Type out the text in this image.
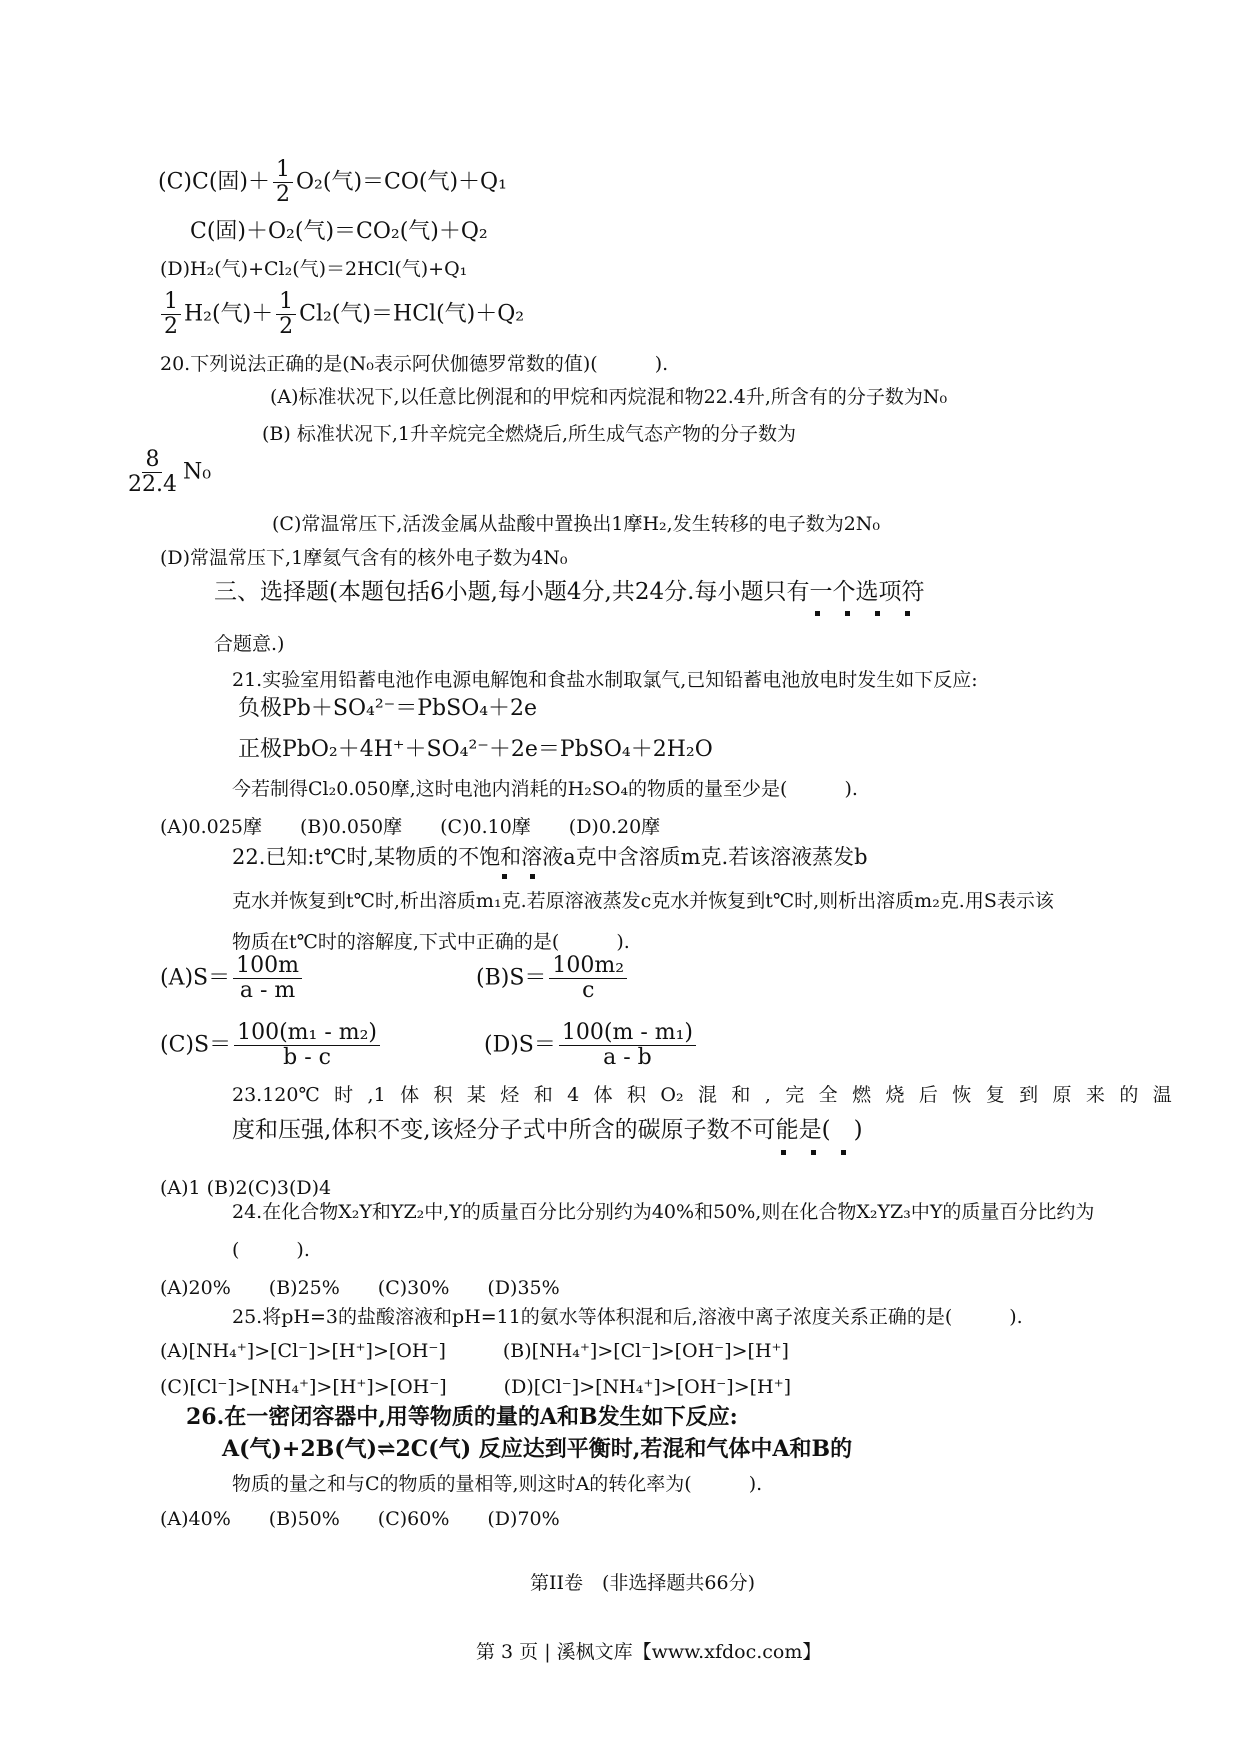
(C)C(固)＋ $\frac{1}{2} O_2$(气)＝CO(气)＋Q₁
C(固)＋O₂(气)＝CO₂(气)＋Q₂
(D)H₂(气)+Cl₂(气)＝2HCl(气)+Q₁
$\frac{1}{2} H_2$(气)＋ $\frac{1}{2} Cl_2$(气)＝HCl(气)＋Q₂
20.下列说法正确的是(N₀表示阿伏伽德罗常数的值)(　　　).
(A)标准状况下,以任意比例混和的甲烷和丙烷混和物22.4升,所含有的分子数为N₀
(B) 标准状况下,1升辛烷完全燃烧后,所生成气态产物的分子数为
$\frac{8}{22.4} N_0$
(C)常温常压下,活泼金属从盐酸中置换出1摩H₂,发生转移的电子数为2N₀
(D)常温常压下,1摩氦气含有的核外电子数为4N₀
三、选择题(本题包括6小题,每小题4分,共24分.每小题只有一个选项符
合题意.)
21.实验室用铅蓄电池作电源电解饱和食盐水制取氯气,已知铅蓄电池放电时发生如下反应:
负极Pb＋SO₄²⁻＝PbSO₄＋2e
正极PbO₂＋4H⁺＋SO₄²⁻＋2e＝PbSO₄＋2H₂O
今若制得Cl₂0.050摩,这时电池内消耗的H₂SO₄的物质的量至少是(　　　).
(A)0.025摩　　(B)0.050摩　　(C)0.10摩　　(D)0.20摩
22.已知:t℃时,某物质的不饱和溶液a克中含溶质m克.若该溶液蒸发b
克水并恢复到t℃时,析出溶质m₁克.若原溶液蒸发c克水并恢复到t℃时,则析出溶质m₂克.用S表示该
物质在t℃时的溶解度,下式中正确的是(　　　).
$(A)S= \frac{100m}{a - m}$	$(B)S= \frac{\text{100m₂}}{c}$
$(C)S= \frac{\text{100(m₁ - m₂)}}{b - c}$	$(D)S= \frac{\text{100(m - m₁)}}{a - b}$
23.120℃ 时 ,1 体 积 某 烃 和 4 体 积 O₂ 混 和 , 完 全 燃 烧 后 恢 复 到 原 来 的 温
度和压强,体积不变,该烃分子式中所含的碳原子数不可能是(　)
(A)1 (B)2(C)3(D)4
24.在化合物X₂Y和YZ₂中,Y的质量百分比分别约为40%和50%,则在化合物X₂YZ₃中Y的质量百分比约为
(　　　).
(A)20%　　(B)25%　　(C)30%　　(D)35%
25.将pH=3的盐酸溶液和pH=11的氨水等体积混和后,溶液中离子浓度关系正确的是(　　　).
(A)[NH₄⁺]>[Cl⁻]>[H⁺]>[OH⁻]　　　(B)[NH₄⁺]>[Cl⁻]>[OH⁻]>[H⁺]
(C)[Cl⁻]>[NH₄⁺]>[H⁺]>[OH⁻]　　　(D)[Cl⁻]>[NH₄⁺]>[OH⁻]>[H⁺]
26.在一密闭容器中,用等物质的量的A和B发生如下反应:
A(气)+2B(气)⇌2C(气) 反应达到平衡时,若混和气体中A和B的
物质的量之和与C的物质的量相等,则这时A的转化率为(　　　).
(A)40%　　(B)50%　　(C)60%　　(D)70%
第II卷　(非选择题共66分)
第 3 页 | 溪枫文库【www.xfdoc.com】
